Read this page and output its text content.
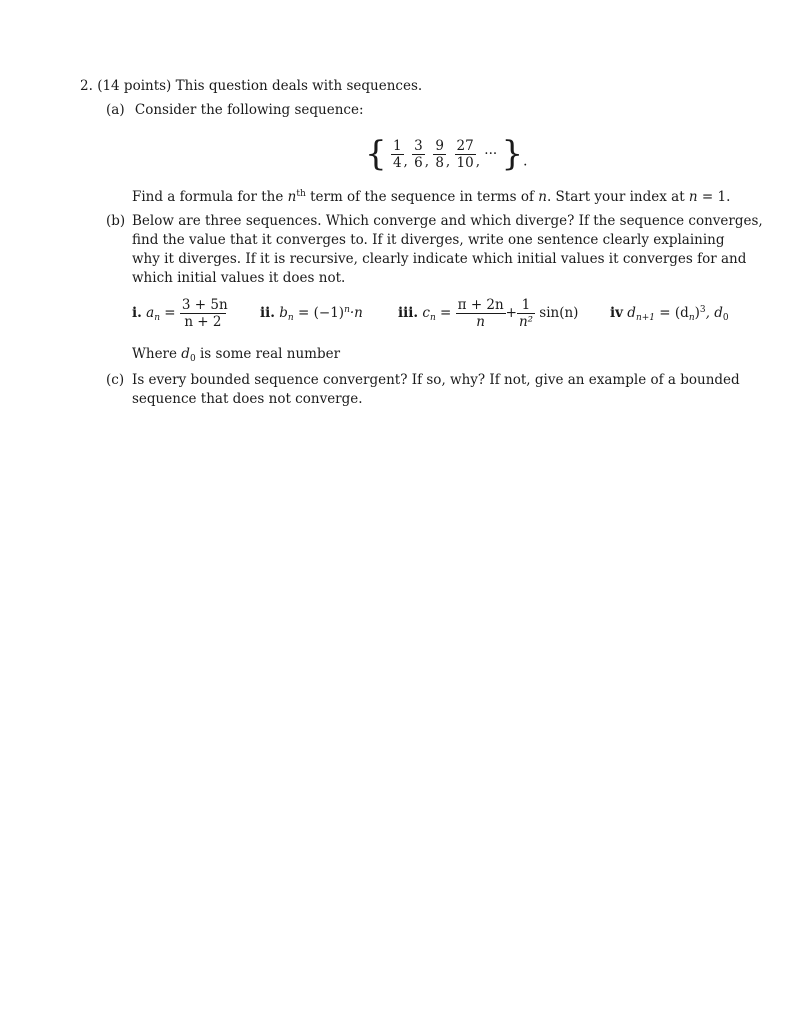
2. (14 points) This question deals with sequences.
(a) Consider the following sequence:
{ $\frac{1}{4}$ , $\frac{3}{6}$ , $\frac{9}{8}$ , $\frac{27}{10}$ , ··· }.
Find a formula for the $n^{th}$ term of the sequence in terms of n. Start your index at n = 1.
(b) Below are three sequences. Which converge and which diverge? If the sequence converges,
find the value that it converges to. If it diverges, write one sentence clearly explaining
why it diverges. If it is recursive, clearly indicate which initial values it converges for and
which initial values it does not.
i. $a_n = \frac{3 + 5n}{n + 2}$	ii. $b_n = (-1)^n\cdot n$	iii. $c_n = \frac{\pi + 2n}{n} + \frac{1}{\text{n²}} \sin(n)$ iv $d_{n+1} = (d_n)^3$, $d_0$
Where $d_0$ is some real number
(c) Is every bounded sequence convergent? If so, why? If not, give an example of a bounded
sequence that does not converge.
